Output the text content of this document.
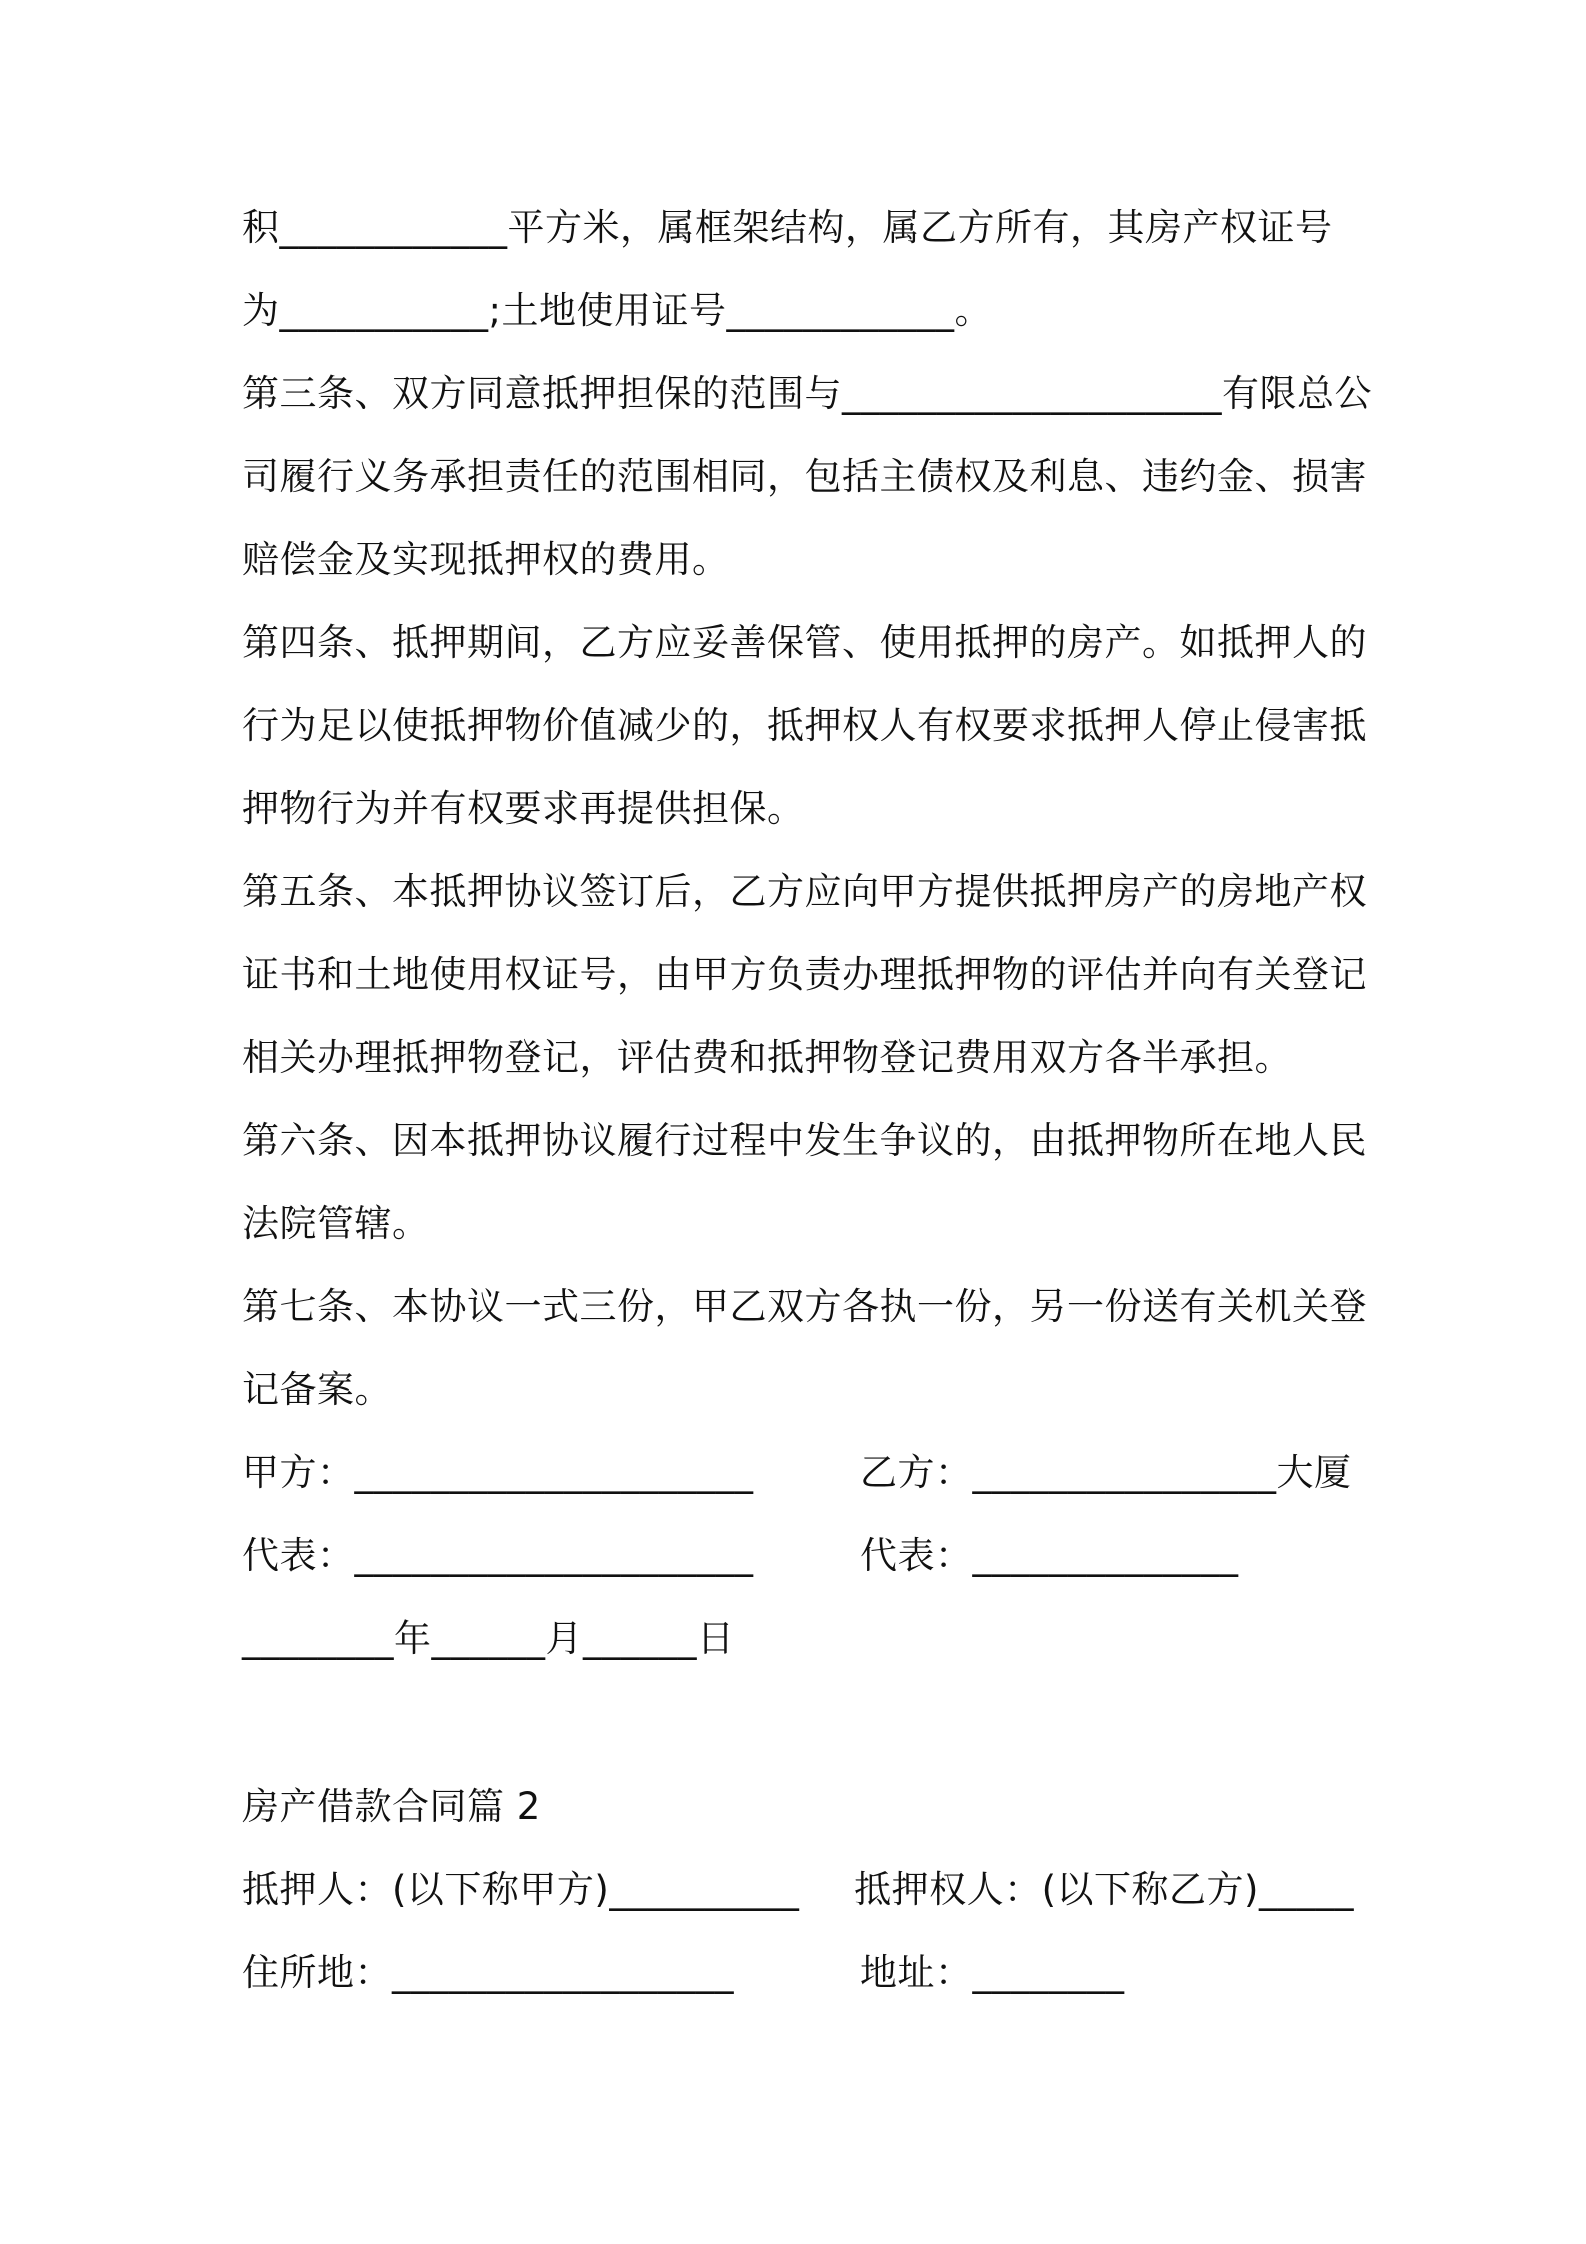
积____________平方米，属框架结构，属乙方所有，其房产权证号
为___________;土地使用证号____________。
第三条、双方同意抵押担保的范围与____________________有限总公
司履行义务承担责任的范围相同，包括主债权及利息、违约金、损害
赔偿金及实现抵押权的费用。
第四条、抵押期间，乙方应妥善保管、使用抵押的房产。如抵押人的
行为足以使抵押物价值减少的，抵押权人有权要求抵押人停止侵害抵
押物行为并有权要求再提供担保。
第五条、本抵押协议签订后，乙方应向甲方提供抵押房产的房地产权
证书和土地使用权证号，由甲方负责办理抵押物的评估并向有关登记
相关办理抵押物登记，评估费和抵押物登记费用双方各半承担。
第六条、因本抵押协议履行过程中发生争议的，由抵押物所在地人民
法院管辖。
第七条、本协议一式三份，甲乙双方各执一份，另一份送有关机关登
记备案。
甲方：_____________________	乙方：________________大厦
代表：_____________________	代表：______________
________年______月______日
房产借款合同篇 2
抵押人：(以下称甲方)__________	抵押权人：(以下称乙方)_____
住所地：__________________	地址：________
